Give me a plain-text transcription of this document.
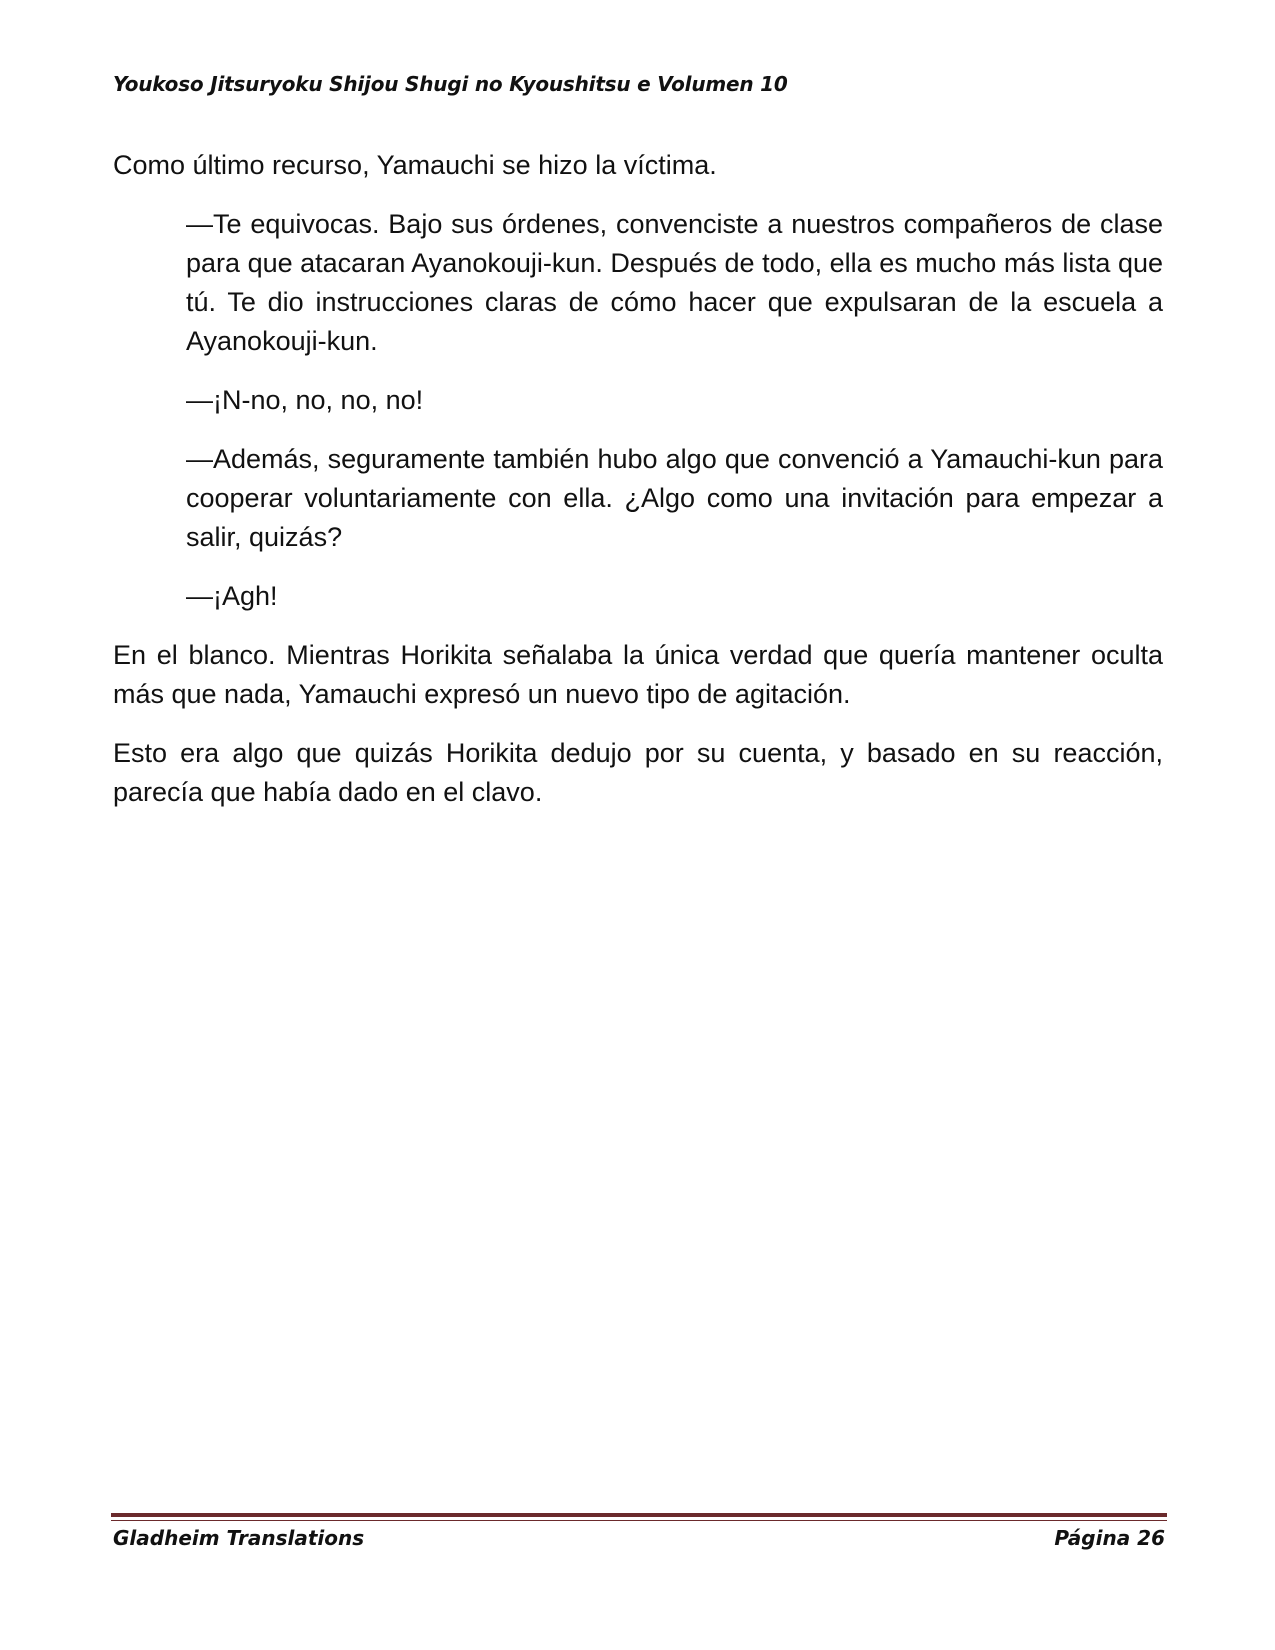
Youkoso Jitsuryoku Shijou Shugi no Kyoushitsu e Volumen 10

Como último recurso, Yamauchi se hizo la víctima.

—Te equivocas. Bajo sus órdenes, convenciste a nuestros compañeros de clase para que atacaran Ayanokouji-kun. Después de todo, ella es mucho más lista que tú. Te dio instrucciones claras de cómo hacer que expulsaran de la escuela a Ayanokouji-kun.

—¡N-no, no, no, no!

—Además, seguramente también hubo algo que convenció a Yamauchi-kun para cooperar voluntariamente con ella. ¿Algo como una invitación para empezar a salir, quizás?

—¡Agh!

En el blanco. Mientras Horikita señalaba la única verdad que quería mantener oculta más que nada, Yamauchi expresó un nuevo tipo de agitación.

Esto era algo que quizás Horikita dedujo por su cuenta, y basado en su reacción, parecía que había dado en el clavo.

Gladheim Translations	Página 26
